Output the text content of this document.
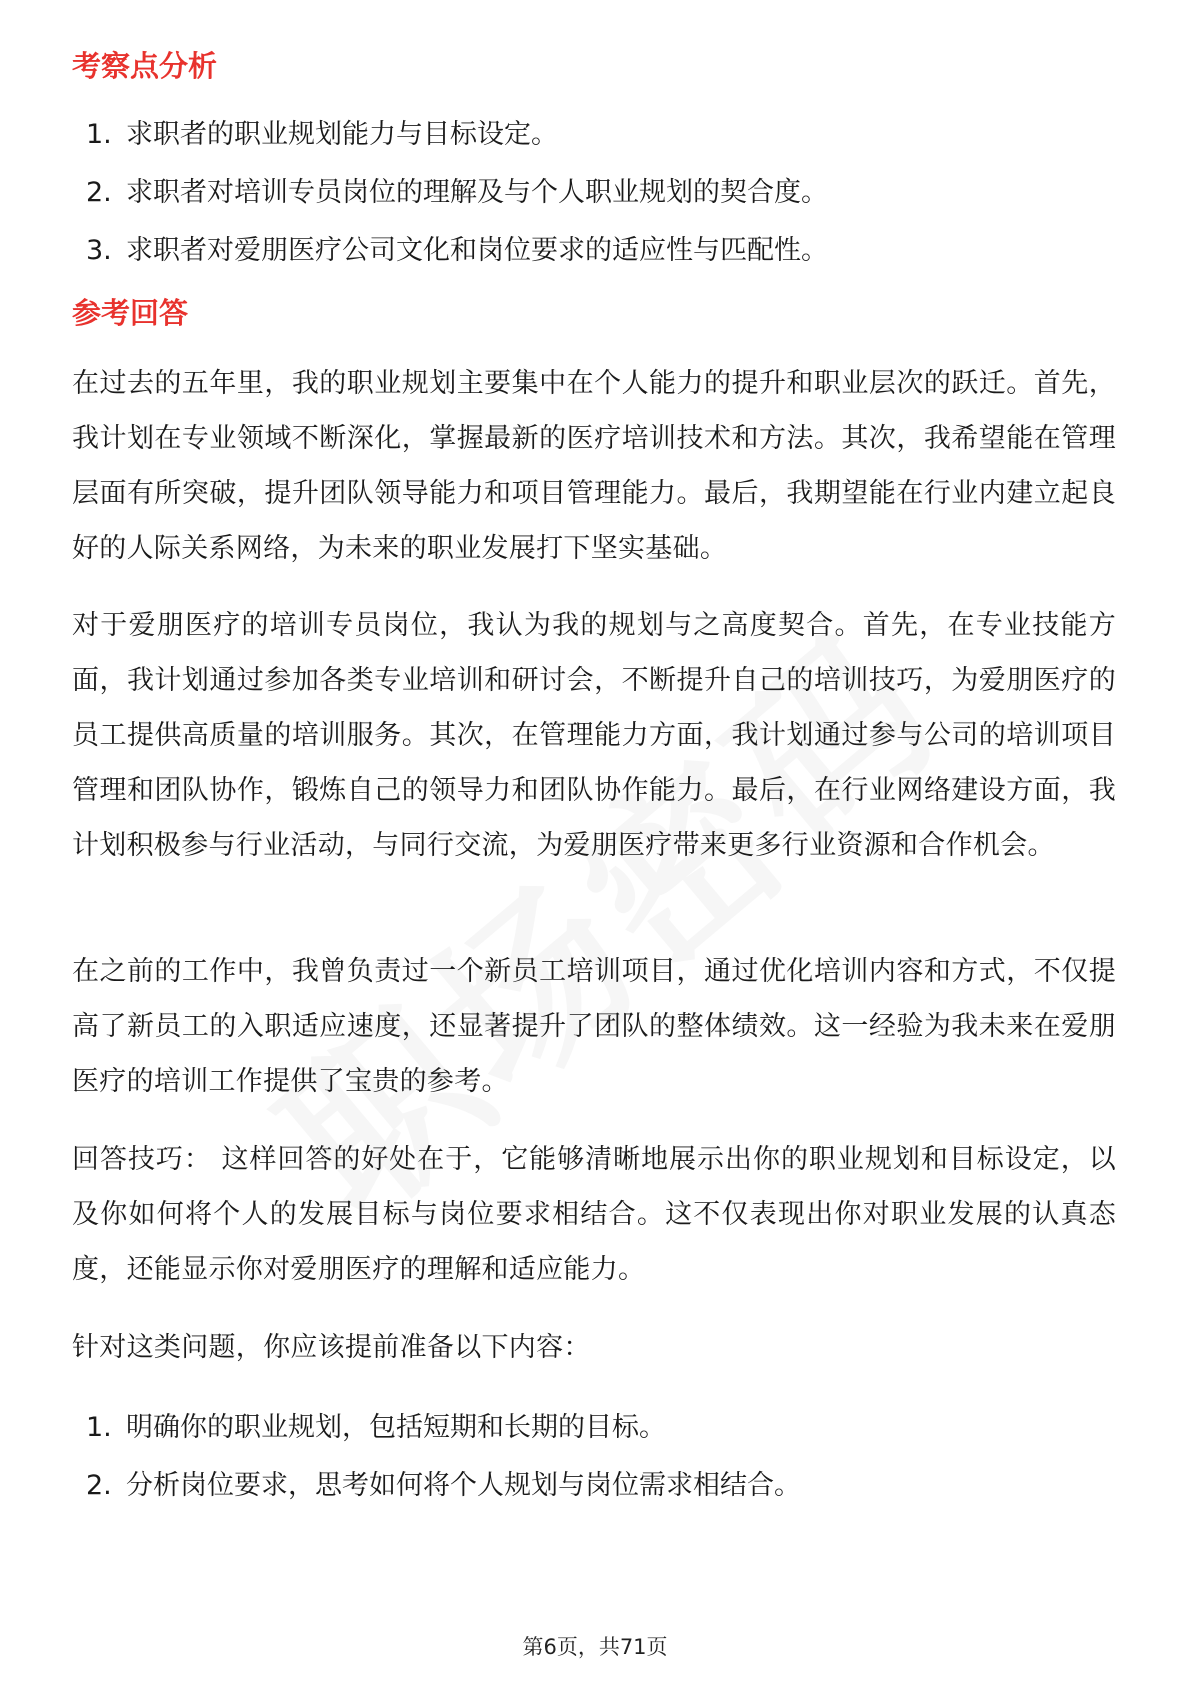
考察点分析
1. 求职者的职业规划能力与目标设定。
2. 求职者对培训专员岗位的理解及与个人职业规划的契合度。
3. 求职者对爱朋医疗公司文化和岗位要求的适应性与匹配性。
参考回答

在过去的五年里，我的职业规划主要集中在个人能力的提升和职业层次的跃迁。首先，我计划在专业领域不断深化，掌握最新的医疗培训技术和方法。其次，我希望能在管理层面有所突破，提升团队领导能力和项目管理能力。最后，我期望能在行业内建立起良好的人际关系网络，为未来的职业发展打下坚实基础。

对于爱朋医疗的培训专员岗位，我认为我的规划与之高度契合。首先，在专业技能方面，我计划通过参加各类专业培训和研讨会，不断提升自己的培训技巧，为爱朋医疗的员工提供高质量的培训服务。其次，在管理能力方面，我计划通过参与公司的培训项目管理和团队协作，锻炼自己的领导力和团队协作能力。最后，在行业网络建设方面，我计划积极参与行业活动，与同行交流，为爱朋医疗带来更多行业资源和合作机会。

在之前的工作中，我曾负责过一个新员工培训项目，通过优化培训内容和方式，不仅提高了新员工的入职适应速度，还显著提升了团队的整体绩效。这一经验为我未来在爱朋医疗的培训工作提供了宝贵的参考。

回答技巧： 这样回答的好处在于，它能够清晰地展示出你的职业规划和目标设定，以及你如何将个人的发展目标与岗位要求相结合。这不仅表现出你对职业发展的认真态度，还能显示你对爱朋医疗的理解和适应能力。

针对这类问题，你应该提前准备以下内容：

1. 明确你的职业规划，包括短期和长期的目标。
2. 分析岗位要求，思考如何将个人规划与岗位需求相结合。
第6页，共71页
